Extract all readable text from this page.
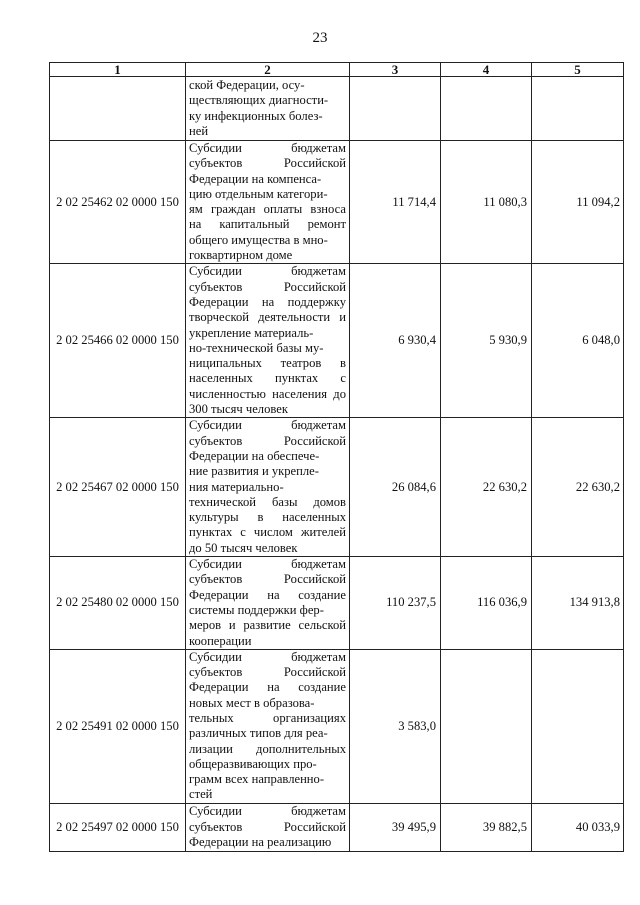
23
1	2	3	4	5
	ской Федерации, осу-
ществляющих диагности-
ку инфекционных болез-
ней			
2 02 25462 02 0000 150	Субсидии бюджетам субъектов Российской Федерации на компенса-
цию отдельным категори-
ям граждан оплаты взноса на капитальный ремонт общего имущества в мно-
гоквартирном доме	11 714,4	11 080,3	11 094,2
2 02 25466 02 0000 150	Субсидии бюджетам субъектов Российской Федерации на поддержку творческой деятельности и укрепление материаль-
но-технической базы му-
ниципальных театров в населенных пунктах с численностью населения до 300 тысяч человек	6 930,4	5 930,9	6 048,0
2 02 25467 02 0000 150	Субсидии бюджетам субъектов Российской Федерации на обеспече-
ние развития и укрепле-
ния материально-
технической базы домов культуры в населенных пунктах с числом жителей до 50 тысяч человек	26 084,6	22 630,2	22 630,2
2 02 25480 02 0000 150	Субсидии бюджетам субъектов Российской Федерации на создание системы поддержки фер-
меров и развитие сельской кооперации	110 237,5	116 036,9	134 913,8
2 02 25491 02 0000 150	Субсидии бюджетам субъектов Российской Федерации на создание новых мест в образова-
тельных организациях различных типов для реа-
лизации дополнительных общеразвивающих про-
грамм всех направленно-
стей	3 583,0		
2 02 25497 02 0000 150	Субсидии бюджетам субъектов Российской Федерации на реализацию	39 495,9	39 882,5	40 033,9
